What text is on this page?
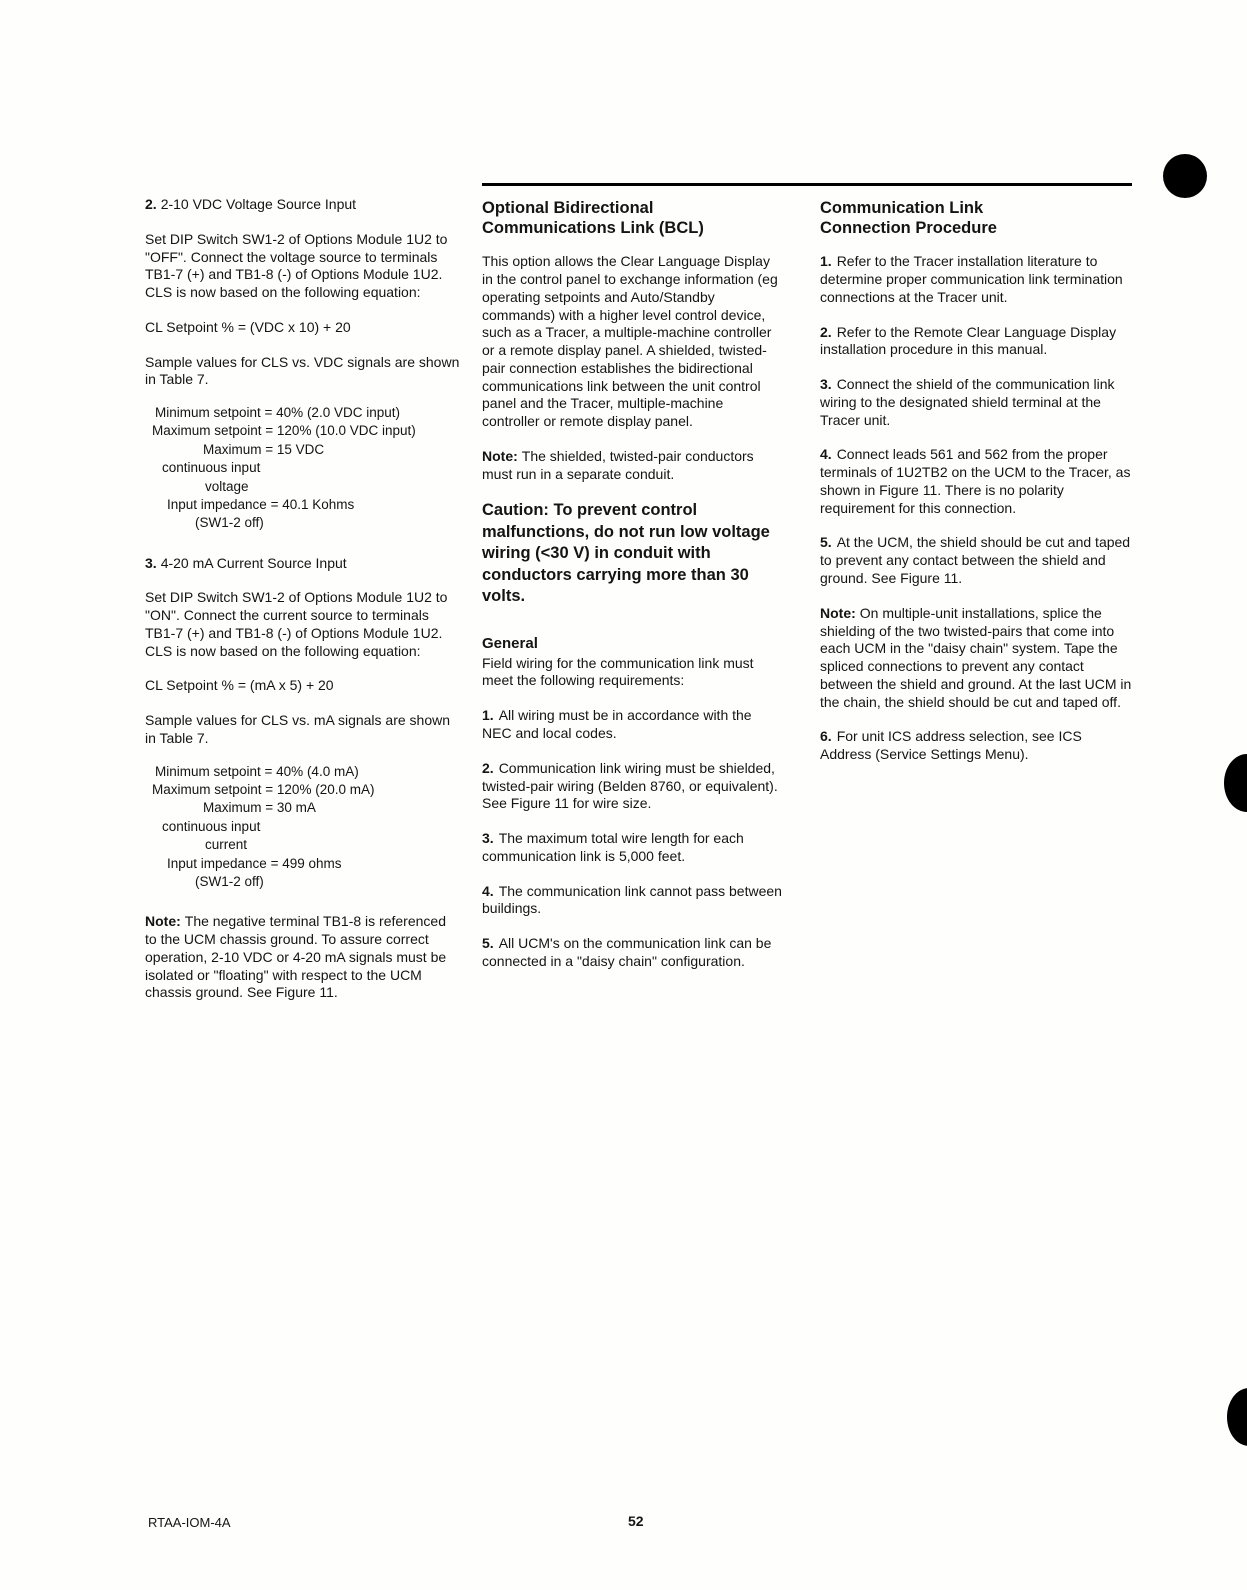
2. 2-10 VDC Voltage Source Input

Set DIP Switch SW1-2 of Options Module 1U2 to "OFF". Connect the voltage source to terminals TB1-7 (+) and TB1-8 (-) of Options Module 1U2. CLS is now based on the following equation:

CL Setpoint % = (VDC x 10) + 20

Sample values for CLS vs. VDC signals are shown in Table 7.

Minimum setpoint = 40% (2.0 VDC input)
Maximum setpoint = 120% (10.0 VDC input)
Maximum = 15 VDC
continuous input
voltage
Input impedance = 40.1 Kohms
(SW1-2 off)

3. 4-20 mA Current Source Input

Set DIP Switch SW1-2 of Options Module 1U2 to "ON". Connect the current source to terminals TB1-7 (+) and TB1-8 (-) of Options Module 1U2. CLS is now based on the following equation:

CL Setpoint % = (mA x 5) + 20

Sample values for CLS vs. mA signals are shown in Table 7.

Minimum setpoint = 40% (4.0 mA)
Maximum setpoint = 120% (20.0 mA)
Maximum = 30 mA
continuous input
current
Input impedance = 499 ohms
(SW1-2 off)

Note: The negative terminal TB1-8 is referenced to the UCM chassis ground. To assure correct operation, 2-10 VDC or 4-20 mA signals must be isolated or "floating" with respect to the UCM chassis ground. See Figure 11.

Optional Bidirectional Communications Link (BCL)

This option allows the Clear Language Display in the control panel to exchange information (eg operating setpoints and Auto/Standby commands) with a higher level control device, such as a Tracer, a multiple-machine controller or a remote display panel. A shielded, twisted-pair connection establishes the bidirectional communications link between the unit control panel and the Tracer, multiple-machine controller or remote display panel.

Note: The shielded, twisted-pair conductors must run in a separate conduit.

Caution: To prevent control malfunctions, do not run low voltage wiring (<30 V) in conduit with conductors carrying more than 30 volts.

General

Field wiring for the communication link must meet the following requirements:

1. All wiring must be in accordance with the NEC and local codes.

2. Communication link wiring must be shielded, twisted-pair wiring (Belden 8760, or equivalent). See Figure 11 for wire size.

3. The maximum total wire length for each communication link is 5,000 feet.

4. The communication link cannot pass between buildings.

5. All UCM's on the communication link can be connected in a "daisy chain" configuration.

Communication Link Connection Procedure

1. Refer to the Tracer installation literature to determine proper communication link termination connections at the Tracer unit.

2. Refer to the Remote Clear Language Display installation procedure in this manual.

3. Connect the shield of the communication link wiring to the designated shield terminal at the Tracer unit.

4. Connect leads 561 and 562 from the proper terminals of 1U2TB2 on the UCM to the Tracer, as shown in Figure 11. There is no polarity requirement for this connection.

5. At the UCM, the shield should be cut and taped to prevent any contact between the shield and ground. See Figure 11.

Note: On multiple-unit installations, splice the shielding of the two twisted-pairs that come into each UCM in the "daisy chain" system. Tape the spliced connections to prevent any contact between the shield and ground. At the last UCM in the chain, the shield should be cut and taped off.

6. For unit ICS address selection, see ICS Address (Service Settings Menu).

RTAA-IOM-4A	52
